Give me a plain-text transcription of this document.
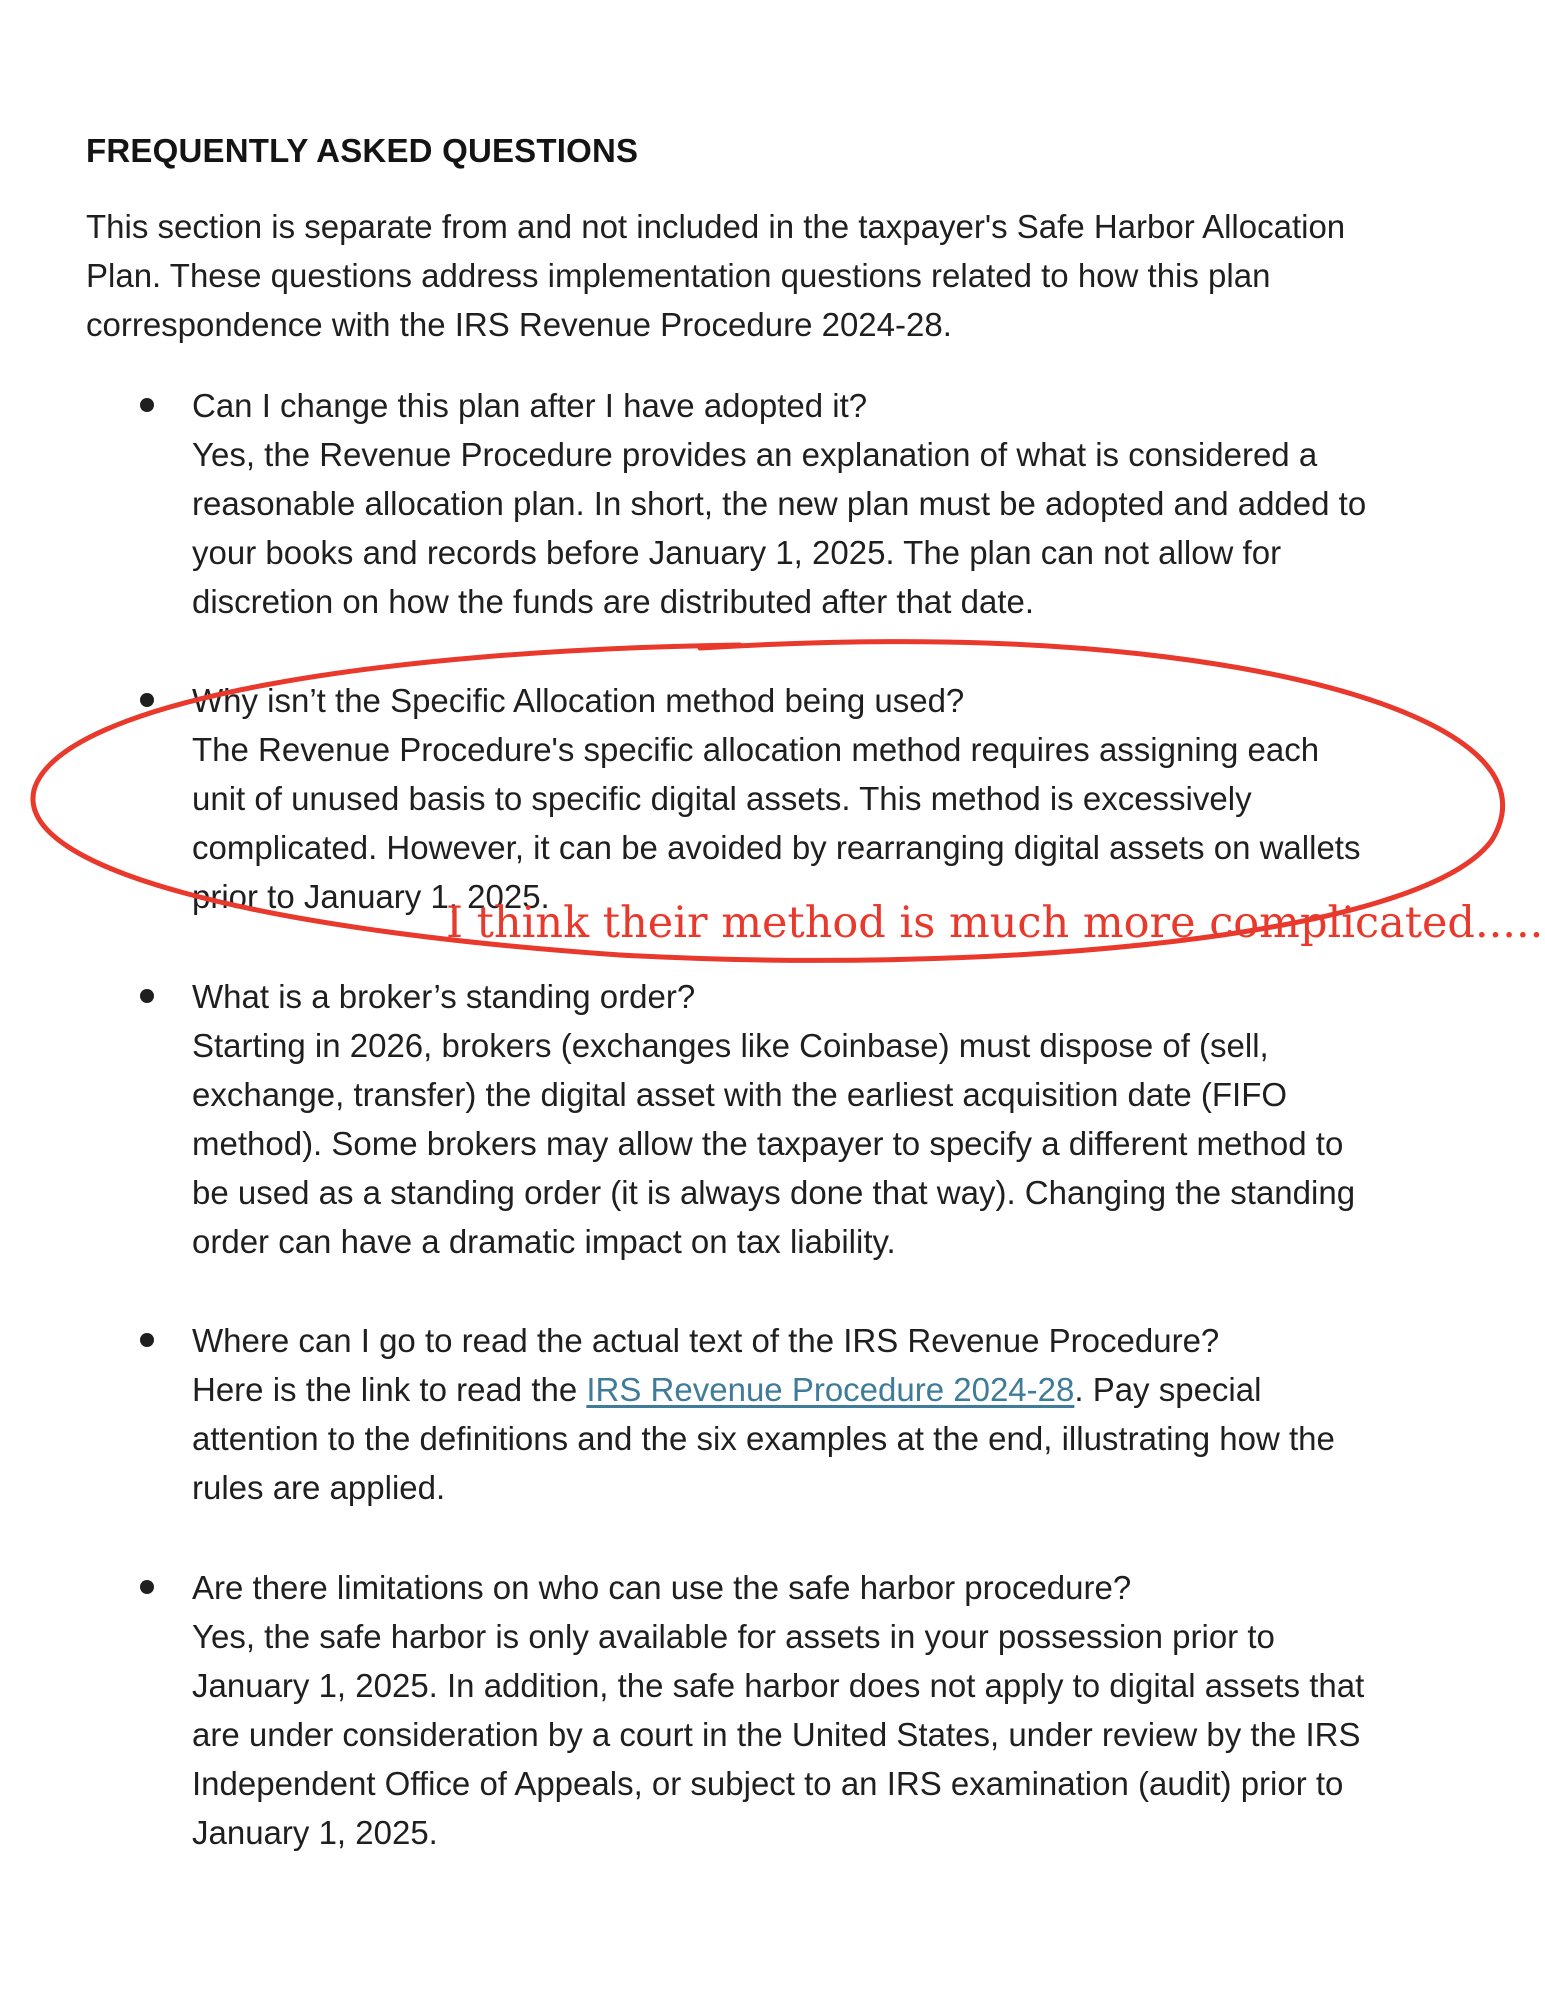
FREQUENTLY ASKED QUESTIONS
This section is separate from and not included in the taxpayer's Safe Harbor Allocation
Plan. These questions address implementation questions related to how this plan
correspondence with the IRS Revenue Procedure 2024-28.
Can I change this plan after I have adopted it?
Yes, the Revenue Procedure provides an explanation of what is considered a
reasonable allocation plan. In short, the new plan must be adopted and added to
your books and records before January 1, 2025. The plan can not allow for
discretion on how the funds are distributed after that date.
Why isn’t the Specific Allocation method being used?
The Revenue Procedure's specific allocation method requires assigning each
unit of unused basis to specific digital assets. This method is excessively
complicated. However, it can be avoided by rearranging digital assets on wallets
prior to January 1, 2025.
What is a broker’s standing order?
Starting in 2026, brokers (exchanges like Coinbase) must dispose of (sell,
exchange, transfer) the digital asset with the earliest acquisition date (FIFO
method). Some brokers may allow the taxpayer to specify a different method to
be used as a standing order (it is always done that way). Changing the standing
order can have a dramatic impact on tax liability.
Where can I go to read the actual text of the IRS Revenue Procedure?
Here is the link to read the IRS Revenue Procedure 2024-28. Pay special
attention to the definitions and the six examples at the end, illustrating how the
rules are applied.
Are there limitations on who can use the safe harbor procedure?
Yes, the safe harbor is only available for assets in your possession prior to
January 1, 2025. In addition, the safe harbor does not apply to digital assets that
are under consideration by a court in the United States, under review by the IRS
Independent Office of Appeals, or subject to an IRS examination (audit) prior to
January 1, 2025.
I think their method is much more complicated.....
